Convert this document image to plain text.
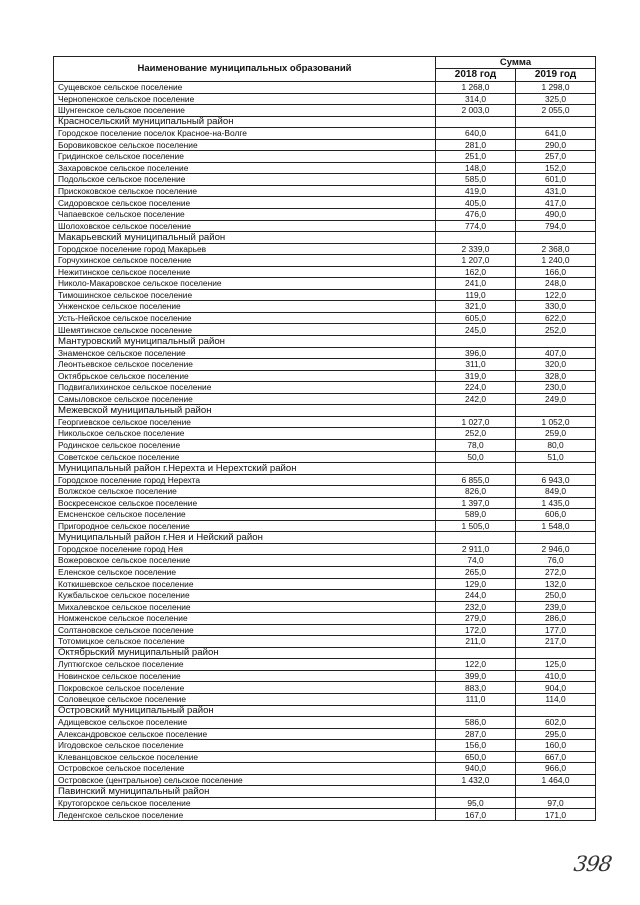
Наименование муниципальных образований	Сумма	
	2018 год	2019 год
Сущевское сельское поселение	1 268,0	1 298,0
Чернопенское сельское поселение	314,0	325,0
Шунгенское сельское поселение	2 003,0	2 055,0
Красносельский муниципальный район		
Городское поселение поселок Красное-на-Волге	640,0	641,0
Боровиковское сельское поселение	281,0	290,0
Гридинское сельское поселение	251,0	257,0
Захаровское сельское поселение	148,0	152,0
Подольское сельское поселение	585,0	601,0
Прискоковское сельское поселение	419,0	431,0
Сидоровское сельское поселение	405,0	417,0
Чапаевское сельское поселение	476,0	490,0
Шолоховское сельское поселение	774,0	794,0
Макарьевский муниципальный район		
Городское поселение город Макарьев	2 339,0	2 368,0
Горчухинское сельское поселение	1 207,0	1 240,0
Нежитинское сельское поселение	162,0	166,0
Николо-Макаровское сельское поселение	241,0	248,0
Тимошинское сельское поселение	119,0	122,0
Унженское сельское поселение	321,0	330,0
Усть-Нейское сельское поселение	605,0	622,0
Шемятинское сельское поселение	245,0	252,0
Мантуровский муниципальный район		
Знаменское сельское поселение	396,0	407,0
Леонтьевское сельское поселение	311,0	320,0
Октябрьское сельское поселение	319,0	328,0
Подвигалихинское сельское поселение	224,0	230,0
Самыловское сельское поселение	242,0	249,0
Межевской муниципальный район		
Георгиевское сельское поселение	1 027,0	1 052,0
Никольское сельское поселение	252,0	259,0
Родинское сельское поселение	78,0	80,0
Советское сельское поселение	50,0	51,0
Муниципальный район г.Нерехта и Нерехтский район		
Городское поселение город Нерехта	6 855,0	6 943,0
Волжское сельское поселение	826,0	849,0
Воскресенское сельское поселение	1 397,0	1 435,0
Емсненское сельское поселение	589,0	606,0
Пригородное сельское поселение	1 505,0	1 548,0
Муниципальный район г.Нея и Нейский район		
Городское поселение город Нея	2 911,0	2 946,0
Вожеровское сельское поселение	74,0	76,0
Еленское сельское поселение	265,0	272,0
Коткишевское сельское поселение	129,0	132,0
Кужбальское сельское поселение	244,0	250,0
Михалевское сельское поселение	232,0	239,0
Номженское сельское поселение	279,0	286,0
Солтановское сельское поселение	172,0	177,0
Тотомицкое сельское поселение	211,0	217,0
Октябрьский муниципальный район		
Луптюгское сельское поселение	122,0	125,0
Новинское сельское поселение	399,0	410,0
Покровское сельское поселение	883,0	904,0
Соловецкое сельское поселение	111,0	114,0
Островский муниципальный район		
Адищевское сельское поселение	586,0	602,0
Александровское сельское поселение	287,0	295,0
Игодовское сельское поселение	156,0	160,0
Клеванцовское сельское поселение	650,0	667,0
Островское сельское поселение	940,0	966,0
Островское (центральное) сельское поселение	1 432,0	1 464,0
Павинский муниципальный район		
Крутогорское сельское поселение	95,0	97,0
Леденгское сельское поселение	167,0	171,0
398
